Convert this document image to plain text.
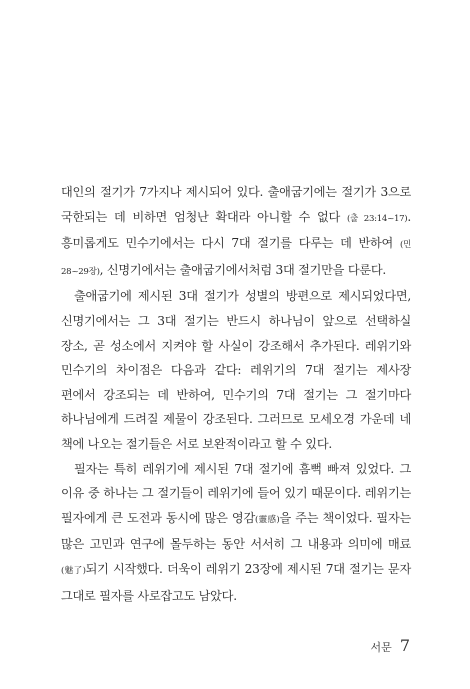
대인의 절기가 7가지나 제시되어 있다. 출애굽기에는 절기가 3으로 국한되는 데 비하면 엄청난 확대라 아니할 수 없다 (출 23:14~17). 흥미롭게도 민수기에서는 다시 7대 절기를 다루는 데 반하여 (민 28~29장), 신명기에서는 출애굽기에서처럼 3대 절기만을 다룬다.

출애굽기에 제시된 3대 절기가 성별의 방편으로 제시되었다면, 신명기에서는 그 3대 절기는 반드시 하나님이 앞으로 선택하실 장소, 곧 성소에서 지켜야 할 사실이 강조해서 추가된다. 레위기와 민수기의 차이점은 다음과 같다: 레위기의 7대 절기는 제사장 편에서 강조되는 데 반하여, 민수기의 7대 절기는 그 절기마다 하나님에게 드려질 제물이 강조된다. 그러므로 모세오경 가운데 네 책에 나오는 절기들은 서로 보완적이라고 할 수 있다.

필자는 특히 레위기에 제시된 7대 절기에 흠뻑 빠져 있었다. 그 이유 중 하나는 그 절기들이 레위기에 들어 있기 때문이다. 레위기는 필자에게 큰 도전과 동시에 많은 영감(靈感)을 주는 책이었다. 필자는 많은 고민과 연구에 몰두하는 동안 서서히 그 내용과 의미에 매료(魅了)되기 시작했다. 더욱이 레위기 23장에 제시된 7대 절기는 문자 그대로 필자를 사로잡고도 남았다.

서문 7
